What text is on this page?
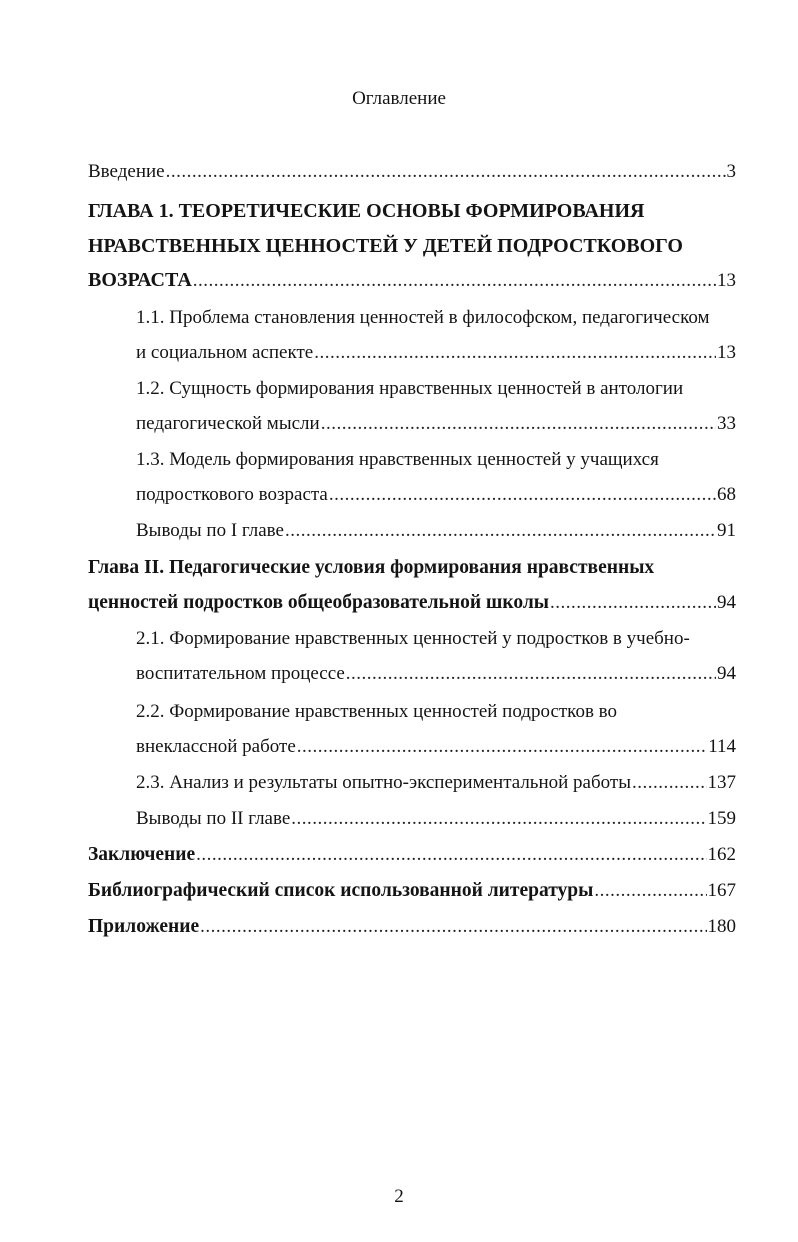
Оглавление
Введение .....	3
ГЛАВА 1. ТЕОРЕТИЧЕСКИЕ ОСНОВЫ ФОРМИРОВАНИЯ
НРАВСТВЕННЫХ ЦЕННОСТЕЙ У ДЕТЕЙ ПОДРОСТКОВОГО
ВОЗРАСТА .....	13
1.1. Проблема становления ценностей в философском, педагогическом
и социальном аспекте .....	13
1.2. Сущность формирования нравственных ценностей в антологии
педагогической мысли .....	33
1.3. Модель формирования нравственных ценностей у учащихся
подросткового возраста .....	68
Выводы по I главе .....	91
Глава II. Педагогические условия формирования нравственных
ценностей подростков общеобразовательной школы .....	94
2.1. Формирование нравственных ценностей у подростков в учебно-
воспитательном процессе .....	94
2.2. Формирование нравственных ценностей подростков во
внеклассной работе .....	114
2.3. Анализ и результаты опытно-экспериментальной работы .....	137
Выводы по II главе .....	159
Заключение .....	162
Библиографический список использованной литературы .....	167
Приложение .....	180
2
